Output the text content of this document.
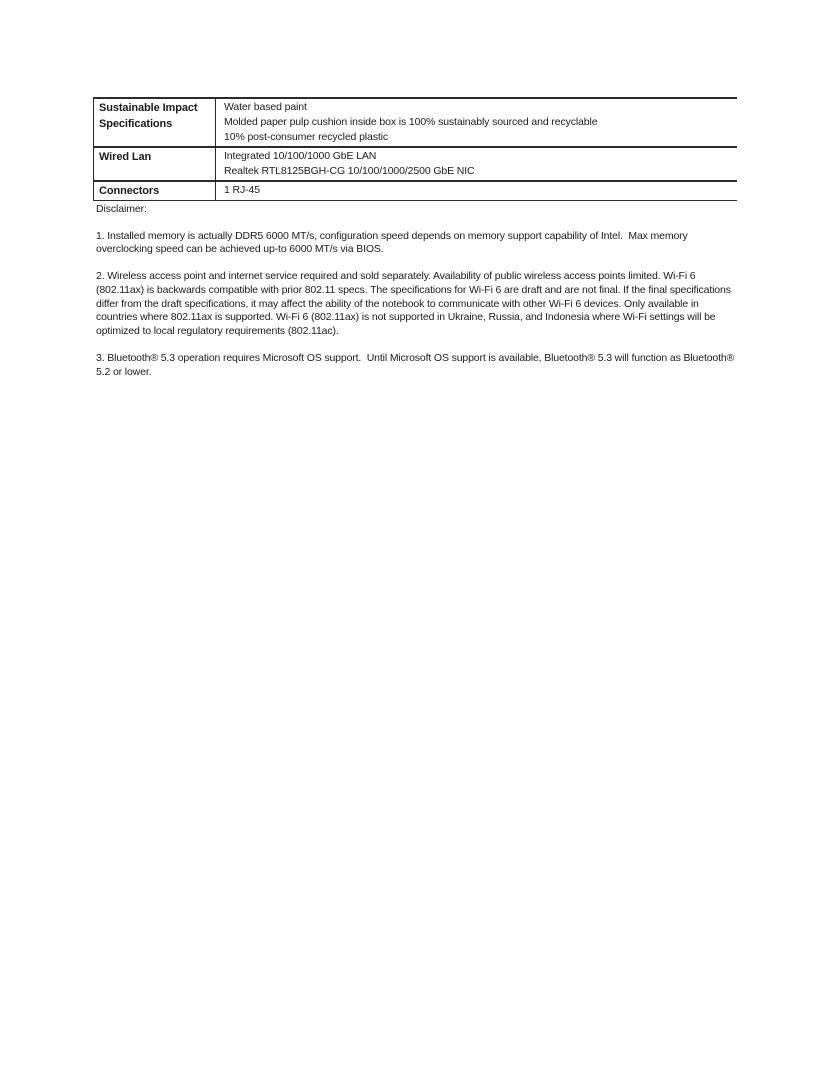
Sustainable Impact Specifications	Water based paint
Molded paper pulp cushion inside box is 100% sustainably sourced and recyclable
10% post-consumer recycled plastic

Wired Lan	Integrated 10/100/1000 GbE LAN
Realtek RTL8125BGH-CG 10/100/1000/2500 GbE NIC

Connectors	1 RJ-45
Disclaimer:

1. Installed memory is actually DDR5 6000 MT/s, configuration speed depends on memory support capability of Intel.  Max memory overclocking speed can be achieved up-to 6000 MT/s via BIOS.

2. Wireless access point and internet service required and sold separately. Availability of public wireless access points limited. Wi-Fi 6 (802.11ax) is backwards compatible with prior 802.11 specs. The specifications for Wi-Fi 6 are draft and are not final. If the final specifications differ from the draft specifications, it may affect the ability of the notebook to communicate with other Wi-Fi 6 devices. Only available in countries where 802.11ax is supported. Wi-Fi 6 (802.11ax) is not supported in Ukraine, Russia, and Indonesia where Wi-Fi settings will be optimized to local regulatory requirements (802.11ac).

3. Bluetooth® 5.3 operation requires Microsoft OS support.  Until Microsoft OS support is available, Bluetooth® 5.3 will function as Bluetooth® 5.2 or lower.
